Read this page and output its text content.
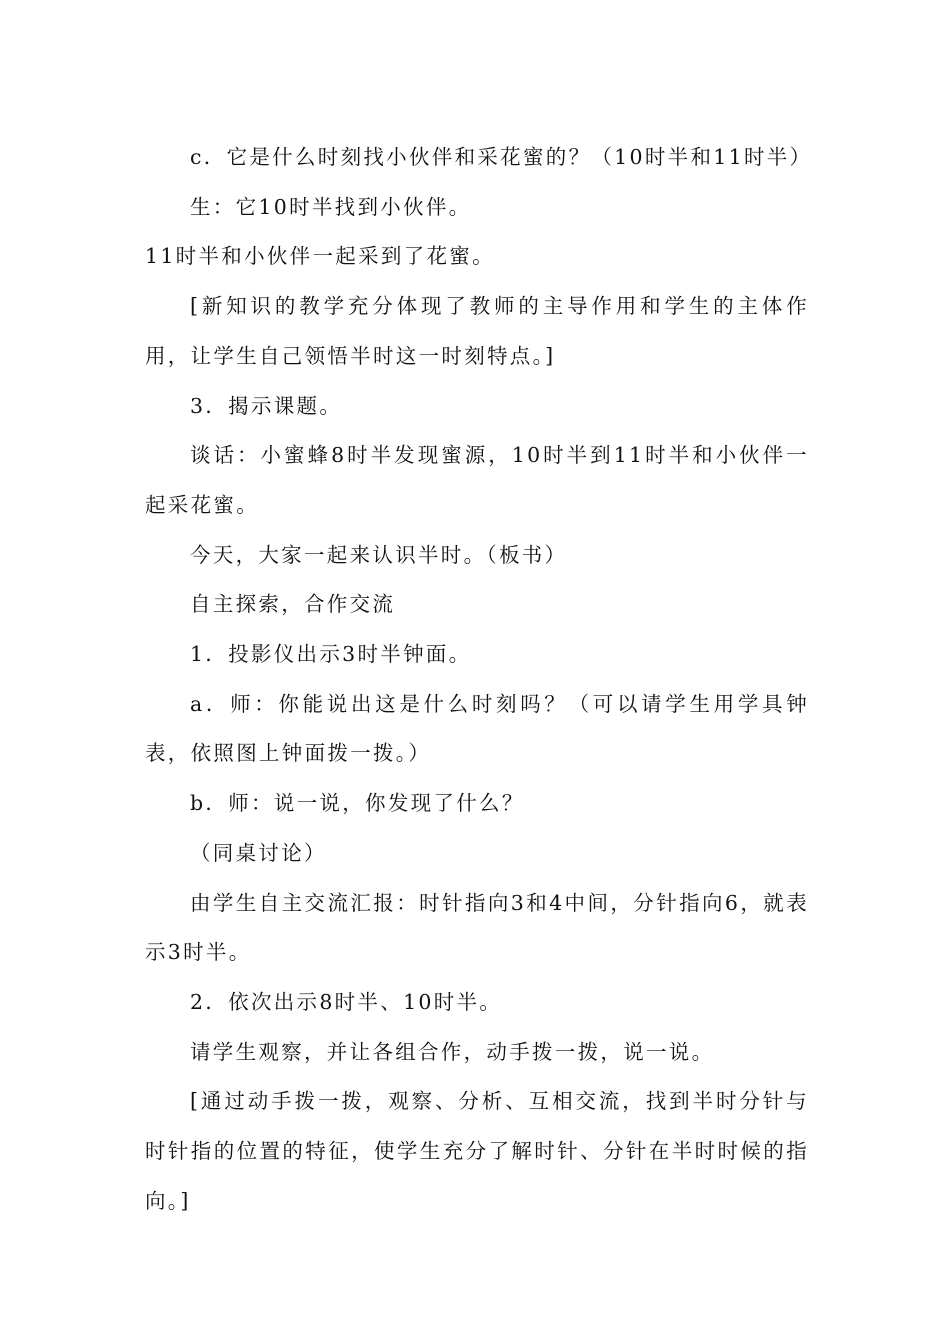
c．它是什么时刻找小伙伴和采花蜜的？（10时半和11时半）

生：它10时半找到小伙伴。

11时半和小伙伴一起采到了花蜜。

[新知识的教学充分体现了教师的主导作用和学生的主体作用，让学生自己领悟半时这一时刻特点。]

3．揭示课题。

谈话：小蜜蜂8时半发现蜜源，10时半到11时半和小伙伴一起采花蜜。

今天，大家一起来认识半时。（板书）

自主探索，合作交流

1．投影仪出示3时半钟面。

a．师：你能说出这是什么时刻吗？（可以请学生用学具钟表，依照图上钟面拨一拨。）

b．师：说一说，你发现了什么？

（同桌讨论）

由学生自主交流汇报：时针指向3和4中间，分针指向6，就表示3时半。

2．依次出示8时半、10时半。

请学生观察，并让各组合作，动手拨一拨，说一说。

[通过动手拨一拨，观察、分析、互相交流，找到半时分针与时针指的位置的特征，使学生充分了解时针、分针在半时时候的指向。]
